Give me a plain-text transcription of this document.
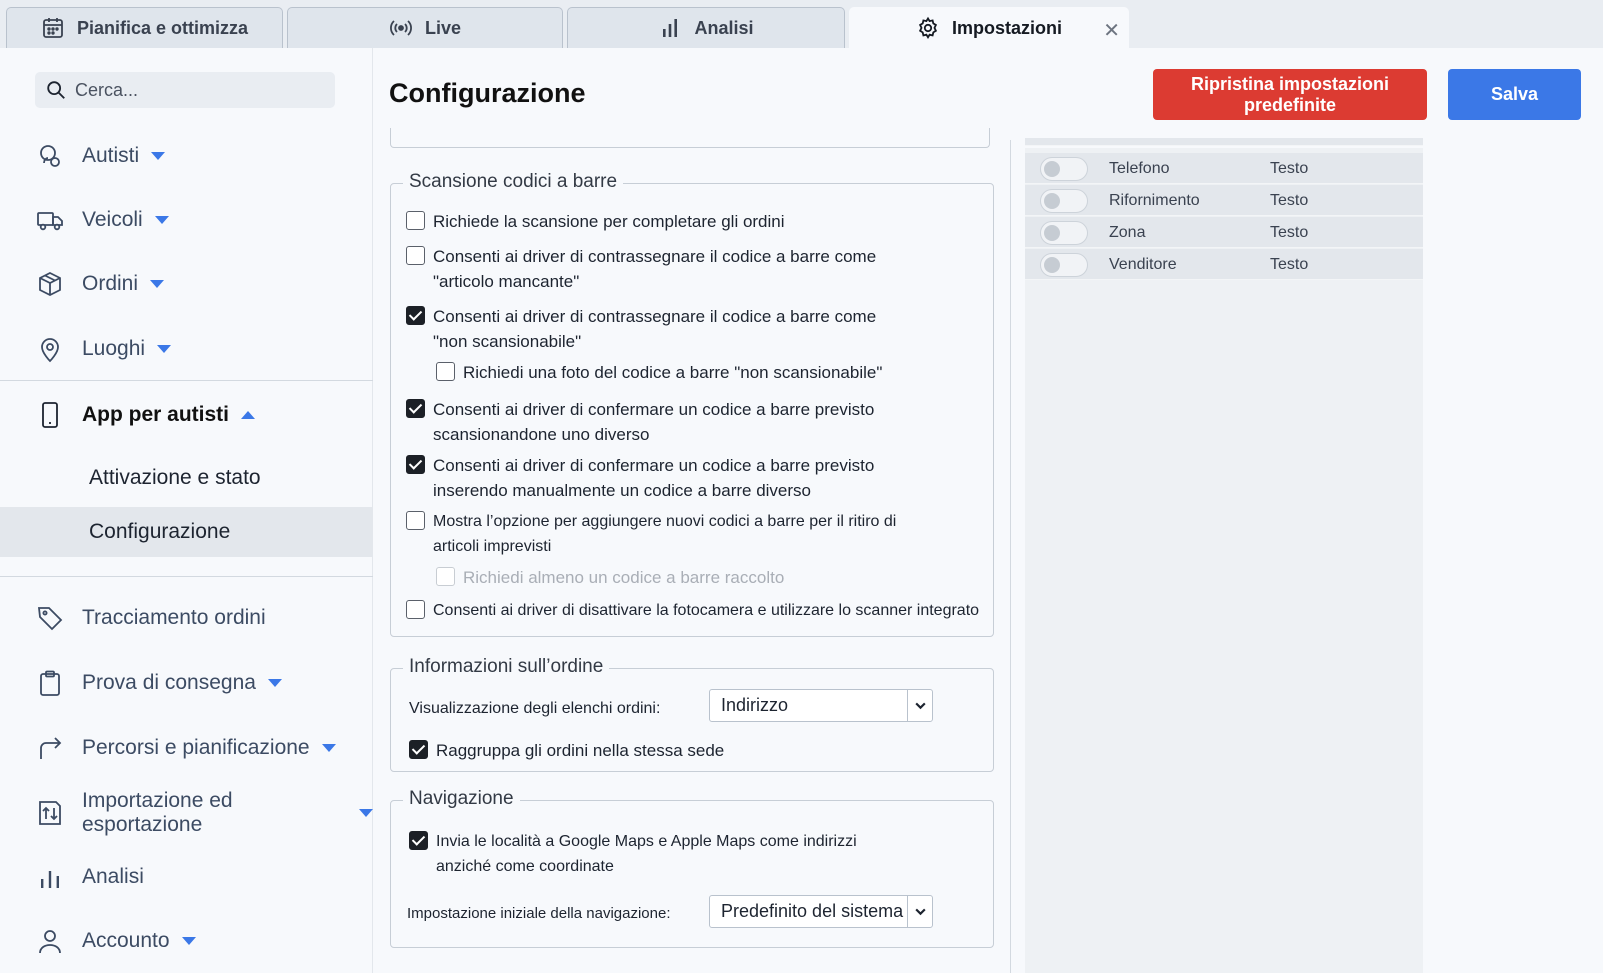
Pianifica e ottimizza	Live	Analisi	Impostazioni ✕
Cerca...
Autisti
Veicoli
Ordini
Luoghi
App per autisti
Attivazione e stato
Configurazione
Tracciamento ordini
Prova di consegna
Percorsi e pianificazione
Importazione ed esportazione
Analisi
Accounto
Configurazione	Ripristina impostazioni predefinite
Salva
Scansione codici a barre
Richiede la scansione per completare gli ordini
Consenti ai driver di contrassegnare il codice a barre come "articolo mancante"
Consenti ai driver di contrassegnare il codice a barre come "non scansionabile"
Richiedi una foto del codice a barre "non scansionabile"
Consenti ai driver di confermare un codice a barre previsto scansionandone uno diverso
Consenti ai driver di confermare un codice a barre previsto inserendo manualmente un codice a barre diverso
Mostra l’opzione per aggiungere nuovi codici a barre per il ritiro di articoli imprevisti
Richiedi almeno un codice a barre raccolto
Consenti ai driver di disattivare la fotocamera e utilizzare lo scanner integrato
Informazioni sull’ordine
Visualizzazione degli elenchi ordini:	Indirizzo
Raggruppa gli ordini nella stessa sede
Navigazione
Invia le località a Google Maps e Apple Maps come indirizzi anziché come coordinate
Impostazione iniziale della navigazione:	Predefinito del sistema
Telefono	Testo
Rifornimento	Testo
Zona	Testo
Venditore	Testo
